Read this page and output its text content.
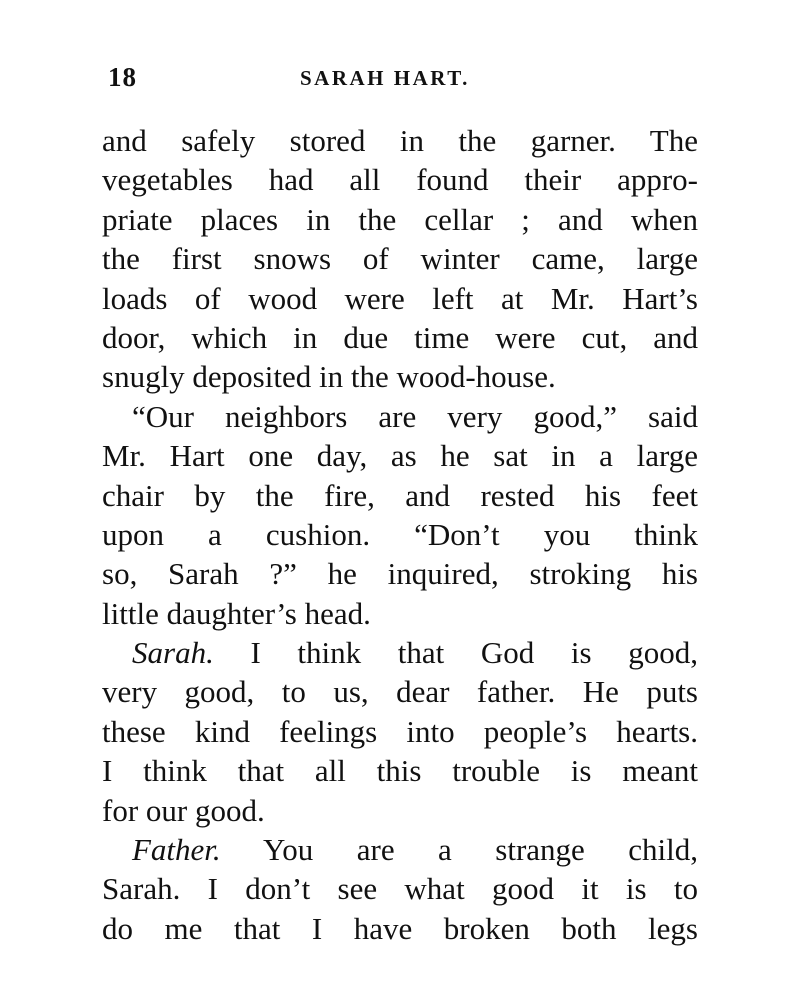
18	SARAH HART.
and safely stored in the garner. The
vegetables had all found their appro-
priate places in the cellar ; and when
the first snows of winter came, large
loads of wood were left at Mr. Hart’s
door, which in due time were cut, and
snugly deposited in the wood-house.
“Our neighbors are very good,” said
Mr. Hart one day, as he sat in a large
chair by the fire, and rested his feet
upon a cushion. “Don’t you think
so, Sarah ?” he inquired, stroking his
little daughter’s head.
Sarah. I think that God is good,
very good, to us, dear father. He puts
these kind feelings into people’s hearts.
I think that all this trouble is meant
for our good.
Father. You are a strange child,
Sarah. I don’t see what good it is to
do me that I have broken both legs
